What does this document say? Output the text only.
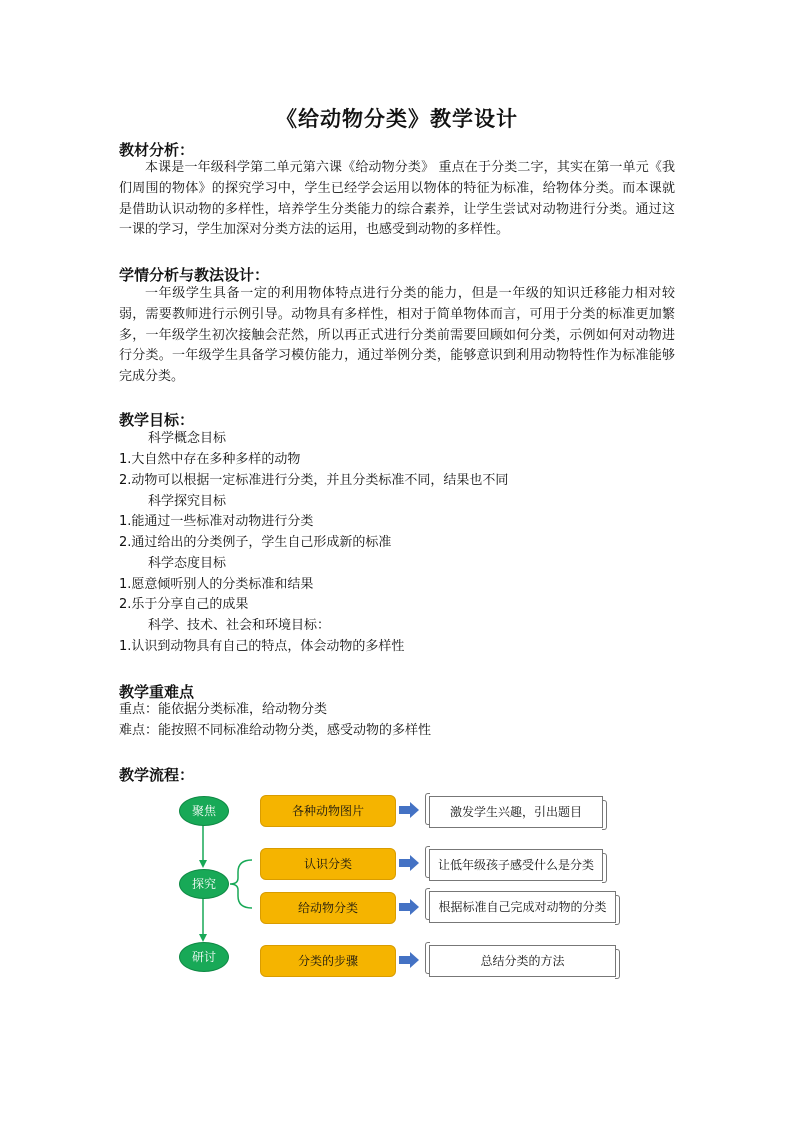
《给动物分类》教学设计
教材分析：
本课是一年级科学第二单元第六课《给动物分类》 重点在于分类二字，其实在第一单元《我们周围的物体》的探究学习中，学生已经学会运用以物体的特征为标准，给物体分类。而本课就是借助认识动物的多样性，培养学生分类能力的综合素养，让学生尝试对动物进行分类。通过这一课的学习，学生加深对分类方法的运用，也感受到动物的多样性。
学情分析与教法设计：
一年级学生具备一定的利用物体特点进行分类的能力，但是一年级的知识迁移能力相对较弱，需要教师进行示例引导。动物具有多样性，相对于简单物体而言，可用于分类的标准更加繁多，一年级学生初次接触会茫然，所以再正式进行分类前需要回顾如何分类，示例如何对动物进行分类。一年级学生具备学习模仿能力，通过举例分类，能够意识到利用动物特性作为标准能够完成分类。
教学目标：
科学概念目标
1.大自然中存在多种多样的动物
2.动物可以根据一定标准进行分类，并且分类标准不同，结果也不同
科学探究目标
1.能通过一些标准对动物进行分类
2.通过给出的分类例子，学生自己形成新的标准
科学态度目标
1.愿意倾听别人的分类标准和结果
2.乐于分享自己的成果
科学、技术、社会和环境目标：
1.认识到动物具有自己的特点，体会动物的多样性
教学重难点
重点：能依据分类标准，给动物分类
难点：能按照不同标准给动物分类，感受动物的多样性
教学流程：
聚焦
探究
研讨
各种动物图片
认识分类
给动物分类
分类的步骤
激发学生兴趣，引出题目
让低年级孩子感受什么是分类
根据标准自己完成对动物的分类
总结分类的方法
